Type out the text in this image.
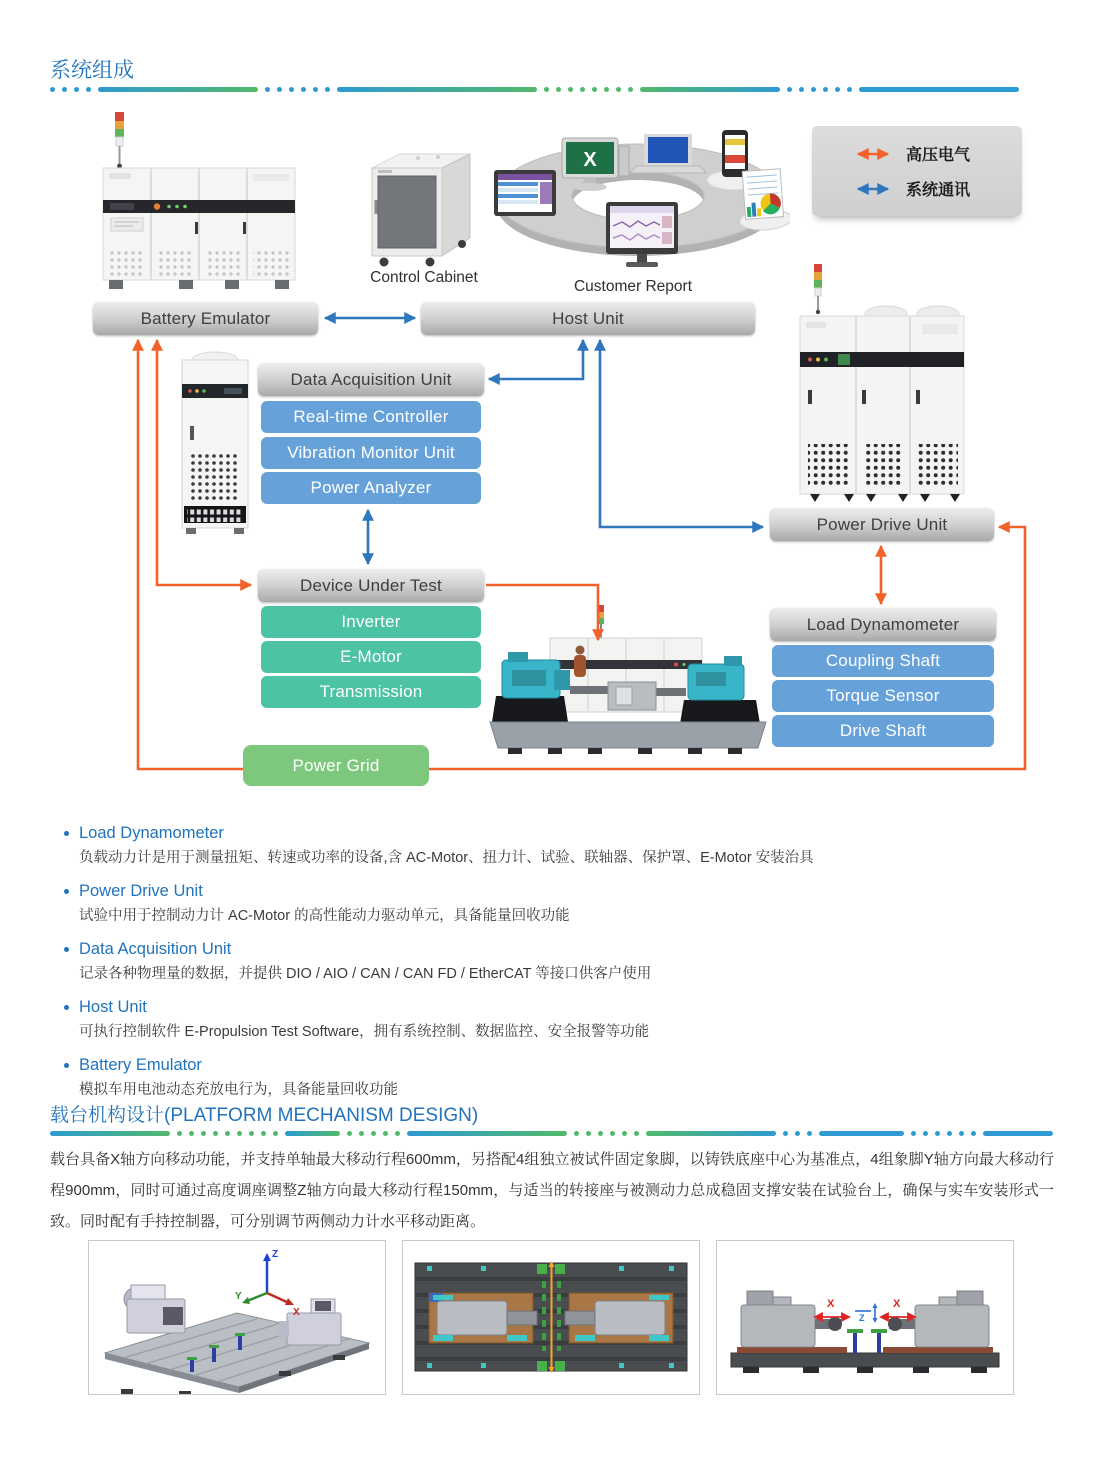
系统组成
X	高压电气
系统通讯
Control Cabinet
Customer Report
Battery Emulator	Host Unit
Data Acquisition Unit
Real-time Controller
Vibration Monitor Unit
Power Analyzer
Device Under Test
Inverter
E-Motor
Transmission
Power Grid
Power Drive Unit
Load Dynamometer
Coupling Shaft
Torque Sensor
Drive Shaft
Load Dynamometer
负载动力计是用于测量扭矩、转速或功率的设备,含 AC-Motor、扭力计、试验、联轴器、保护罩、E-Motor 安装治具
Power Drive Unit
试验中用于控制动力计 AC-Motor 的高性能动力驱动单元，具备能量回收功能
Data Acquisition Unit
记录各种物理量的数据，并提供 DIO / AIO / CAN / CAN FD / EtherCAT 等接口供客户使用
Host Unit
可执行控制软件 E-Propulsion Test Software，拥有系统控制、数据监控、安全报警等功能
Battery Emulator
模拟车用电池动态充放电行为，具备能量回收功能
载台机构设计(PLATFORM MECHANISM DESIGN)
载台具备X轴方向移动功能，并支持单轴最大移动行程600mm，另搭配4组独立被试件固定象脚，以铸铁底座中心为基准点，4组象脚Y轴方向最大移动行程900mm，同时可通过高度调座调整Z轴方向最大移动行程150mm，与适当的转接座与被测动力总成稳固支撑安装在试验台上，确保与实车安装形式一致。同时配有手持控制器，可分别调节两侧动力计水平移动距离。
Z
X
Y
X	X
Z
